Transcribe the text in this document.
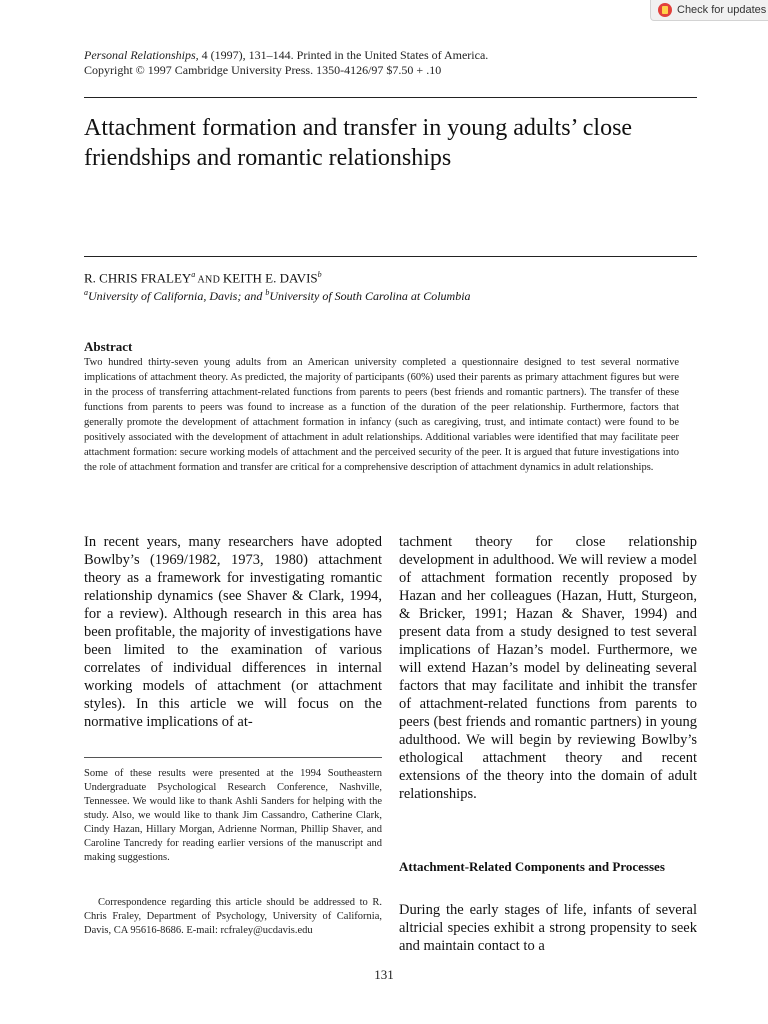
Check for updates
Personal Relationships, 4 (1997), 131–144. Printed in the United States of America.
Copyright © 1997 Cambridge University Press. 1350-4126/97 $7.50 + .10
Attachment formation and transfer in young adults’ close friendships and romantic relationships
R. CHRIS FRALEY$^a$ AND KEITH E. DAVIS$^b$
$^a$University of California, Davis; and $^b$University of South Carolina at Columbia
Abstract

Two hundred thirty-seven young adults from an American university completed a questionnaire designed to test several normative implications of attachment theory. As predicted, the majority of participants (60%) used their parents as primary attachment figures but were in the process of transferring attachment-related functions from parents to peers (best friends and romantic partners). The transfer of these functions from parents to peers was found to increase as a function of the duration of the peer relationship. Furthermore, factors that generally promote the development of attachment formation in infancy (such as caregiving, trust, and intimate contact) were found to be positively associated with the development of attachment in adult relationships. Additional variables were identified that may facilitate peer attachment formation: secure working models of attachment and the perceived security of the peer. It is argued that future investigations into the role of attachment formation and transfer are critical for a comprehensive description of attachment dynamics in adult relationships.

In recent years, many researchers have adopted Bowlby’s (1969/1982, 1973, 1980) attachment theory as a framework for investigating romantic relationship dynamics (see Shaver & Clark, 1994, for a review). Although research in this area has been profitable, the majority of investigations have been limited to the examination of various correlates of individual differences in internal working models of attachment (or attachment styles). In this article we will focus on the normative implications of at-

tachment theory for close relationship development in adulthood. We will review a model of attachment formation recently proposed by Hazan and her colleagues (Hazan, Hutt, Sturgeon, & Bricker, 1991; Hazan & Shaver, 1994) and present data from a study designed to test several implications of Hazan’s model. Furthermore, we will extend Hazan’s model by delineating several factors that may facilitate and inhibit the transfer of attachment-related functions from parents to peers (best friends and romantic partners) in young adulthood. We will begin by reviewing Bowlby’s ethological attachment theory and recent extensions of the theory into the domain of adult relationships.

Some of these results were presented at the 1994 Southeastern Undergraduate Psychological Research Conference, Nashville, Tennessee. We would like to thank Ashli Sanders for helping with the study. Also, we would like to thank Jim Cassandro, Catherine Clark, Cindy Hazan, Hillary Morgan, Adrienne Norman, Phillip Shaver, and Caroline Tancredy for reading earlier versions of the manuscript and making suggestions.

Correspondence regarding this article should be addressed to R. Chris Fraley, Department of Psychology, University of California, Davis, CA 95616-8686. E-mail: rcfraley@ucdavis.edu

Attachment-Related Components and Processes

During the early stages of life, infants of several altricial species exhibit a strong propensity to seek and maintain contact to a

131
